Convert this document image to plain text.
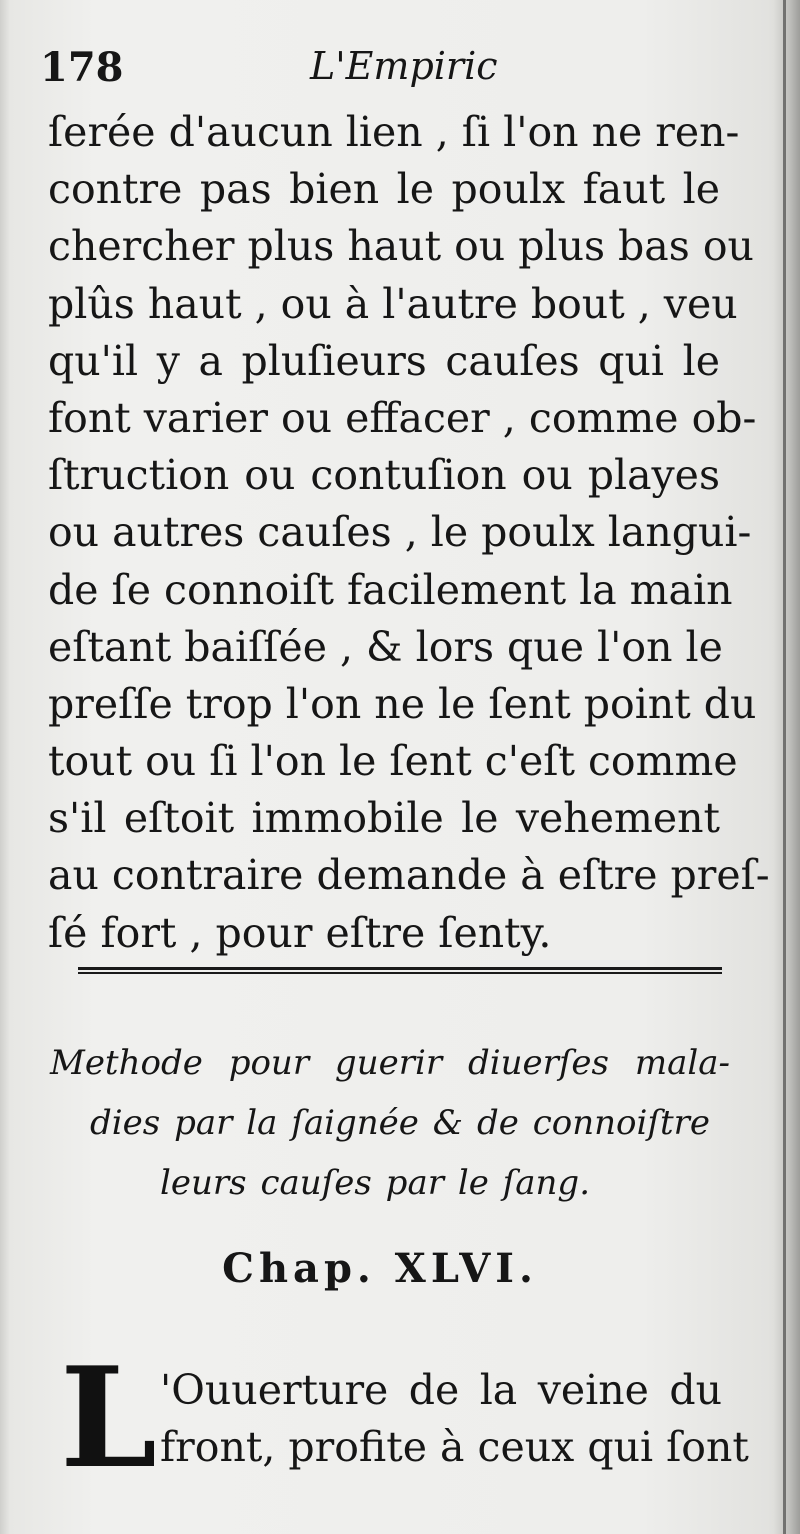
178	L'Empiric
ſerée d'aucun lien , ſi l'on ne ren-
contre pas bien le poulx faut le
chercher plus haut ou plus bas ou
plûs haut , ou à l'autre bout , veu
qu'il y a pluſieurs cauſes qui le
font varier ou effacer , comme ob-
ſtruction ou contuſion ou playes
ou autres cauſes , le poulx langui-
de ſe connoiſt facilement la main
eſtant baiſſée , & lors que l'on le
preſſe trop l'on ne le ſent point du
tout ou ſi l'on le ſent c'eſt comme
s'il eſtoit immobile le vehement
au contraire demande à eſtre preſ-
ſé fort , pour eſtre ſenty.
Methode pour guerir diuerſes mala-
dies par la ſaignée & de connoiſtre
leurs cauſes par le ſang.
Chap. XLVI.
L 'Ouuerture de la veine du
front, profite à ceux qui ſont
